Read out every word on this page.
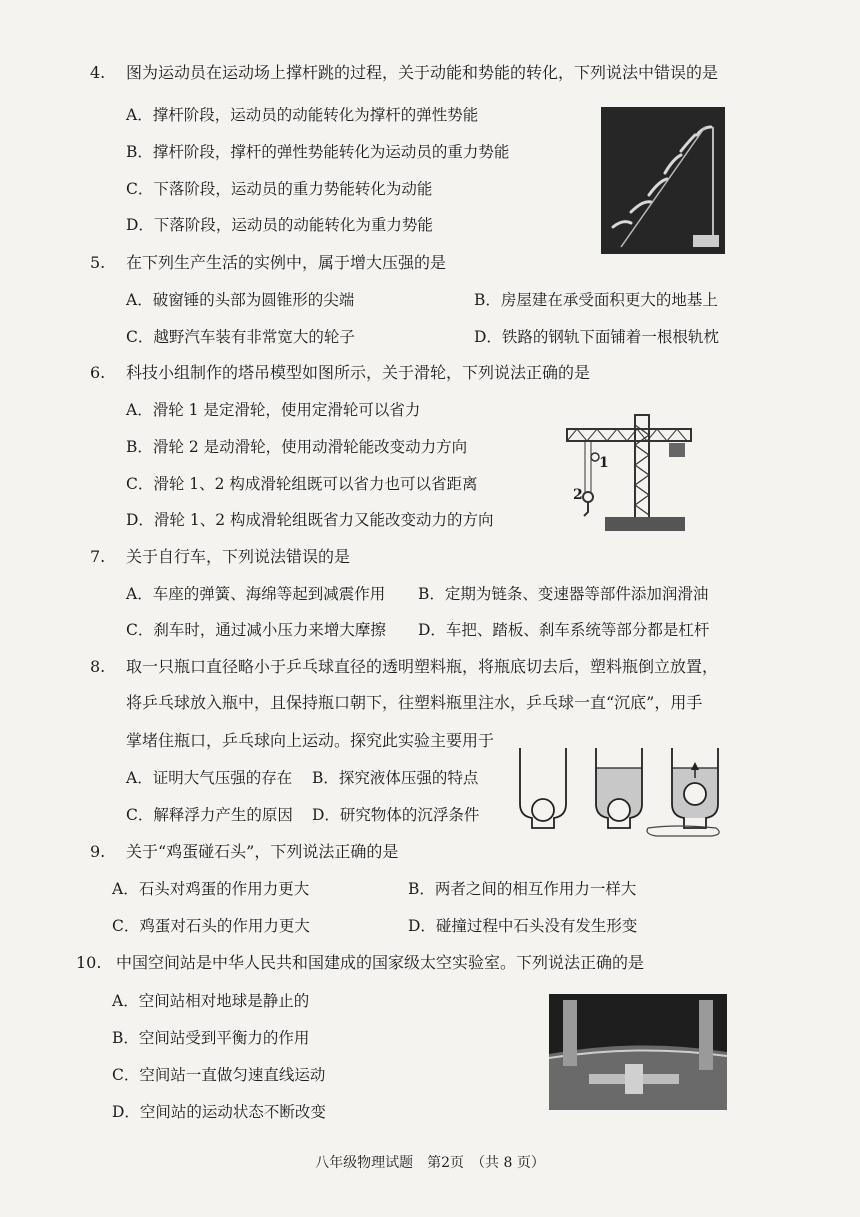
4. 图为运动员在运动场上撑杆跳的过程，关于动能和势能的转化，下列说法中错误的是
A．撑杆阶段，运动员的动能转化为撑杆的弹性势能
B．撑杆阶段，撑杆的弹性势能转化为运动员的重力势能
C．下落阶段，运动员的重力势能转化为动能
D．下落阶段，运动员的动能转化为重力势能
5. 在下列生产生活的实例中，属于增大压强的是
A．破窗锤的头部为圆锥形的尖端	B．房屋建在承受面积更大的地基上
C．越野汽车装有非常宽大的轮子	D．铁路的钢轨下面铺着一根根轨枕
6. 科技小组制作的塔吊模型如图所示，关于滑轮，下列说法正确的是
A．滑轮 1 是定滑轮，使用定滑轮可以省力
B．滑轮 2 是动滑轮，使用动滑轮能改变动力方向
C．滑轮 1、2 构成滑轮组既可以省力也可以省距离
D．滑轮 1、2 构成滑轮组既省力又能改变动力的方向
1
2
7. 关于自行车，下列说法错误的是
A．车座的弹簧、海绵等起到减震作用 B．定期为链条、变速器等部件添加润滑油
C．刹车时，通过减小压力来增大摩擦 D．车把、踏板、刹车系统等部分都是杠杆
8. 取一只瓶口直径略小于乒乓球直径的透明塑料瓶，将瓶底切去后，塑料瓶倒立放置，
将乒乓球放入瓶中，且保持瓶口朝下，往塑料瓶里注水，乒乓球一直“沉底”，用手
掌堵住瓶口，乒乓球向上运动。探究此实验主要用于
A．证明大气压强的存在 B．探究液体压强的特点
C．解释浮力产生的原因 D．研究物体的沉浮条件
9. 关于“鸡蛋碰石头”，下列说法正确的是
A．石头对鸡蛋的作用力更大	B．两者之间的相互作用力一样大
C．鸡蛋对石头的作用力更大	D．碰撞过程中石头没有发生形变
10. 中国空间站是中华人民共和国建成的国家级太空实验室。下列说法正确的是
A．空间站相对地球是静止的
B．空间站受到平衡力的作用
C．空间站一直做匀速直线运动
D．空间站的运动状态不断改变
八年级物理试题　第2页　（共 8 页）
